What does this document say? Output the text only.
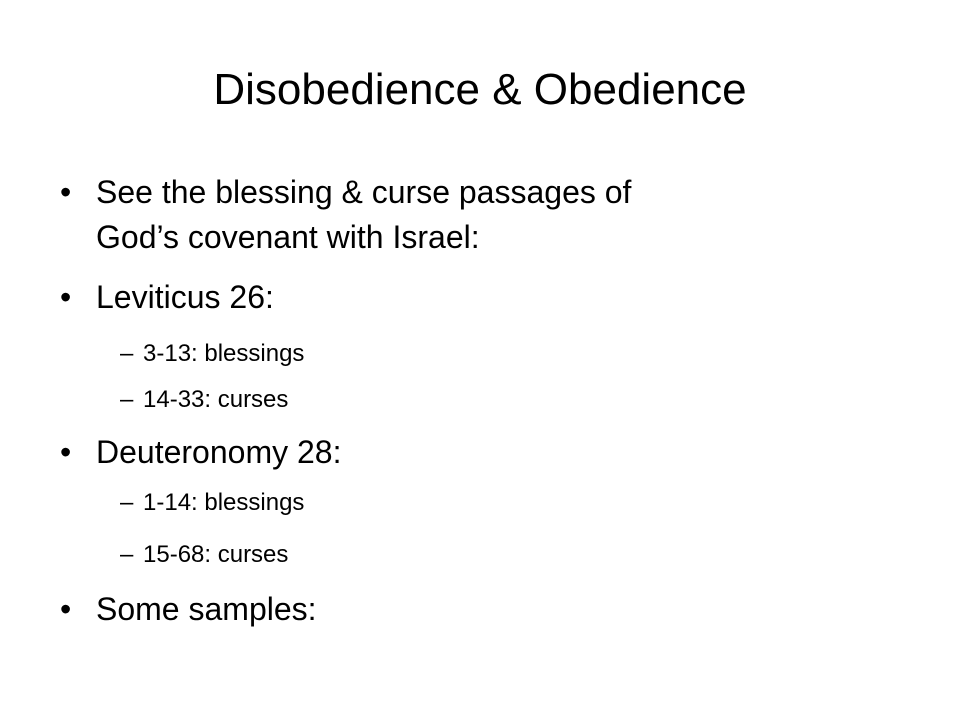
Disobedience & Obedience
• See the blessing & curse passages of
God’s covenant with Israel:
• Leviticus 26:
– 3-13: blessings
– 14-33: curses
• Deuteronomy 28:
– 1-14: blessings
– 15-68: curses
• Some samples:
